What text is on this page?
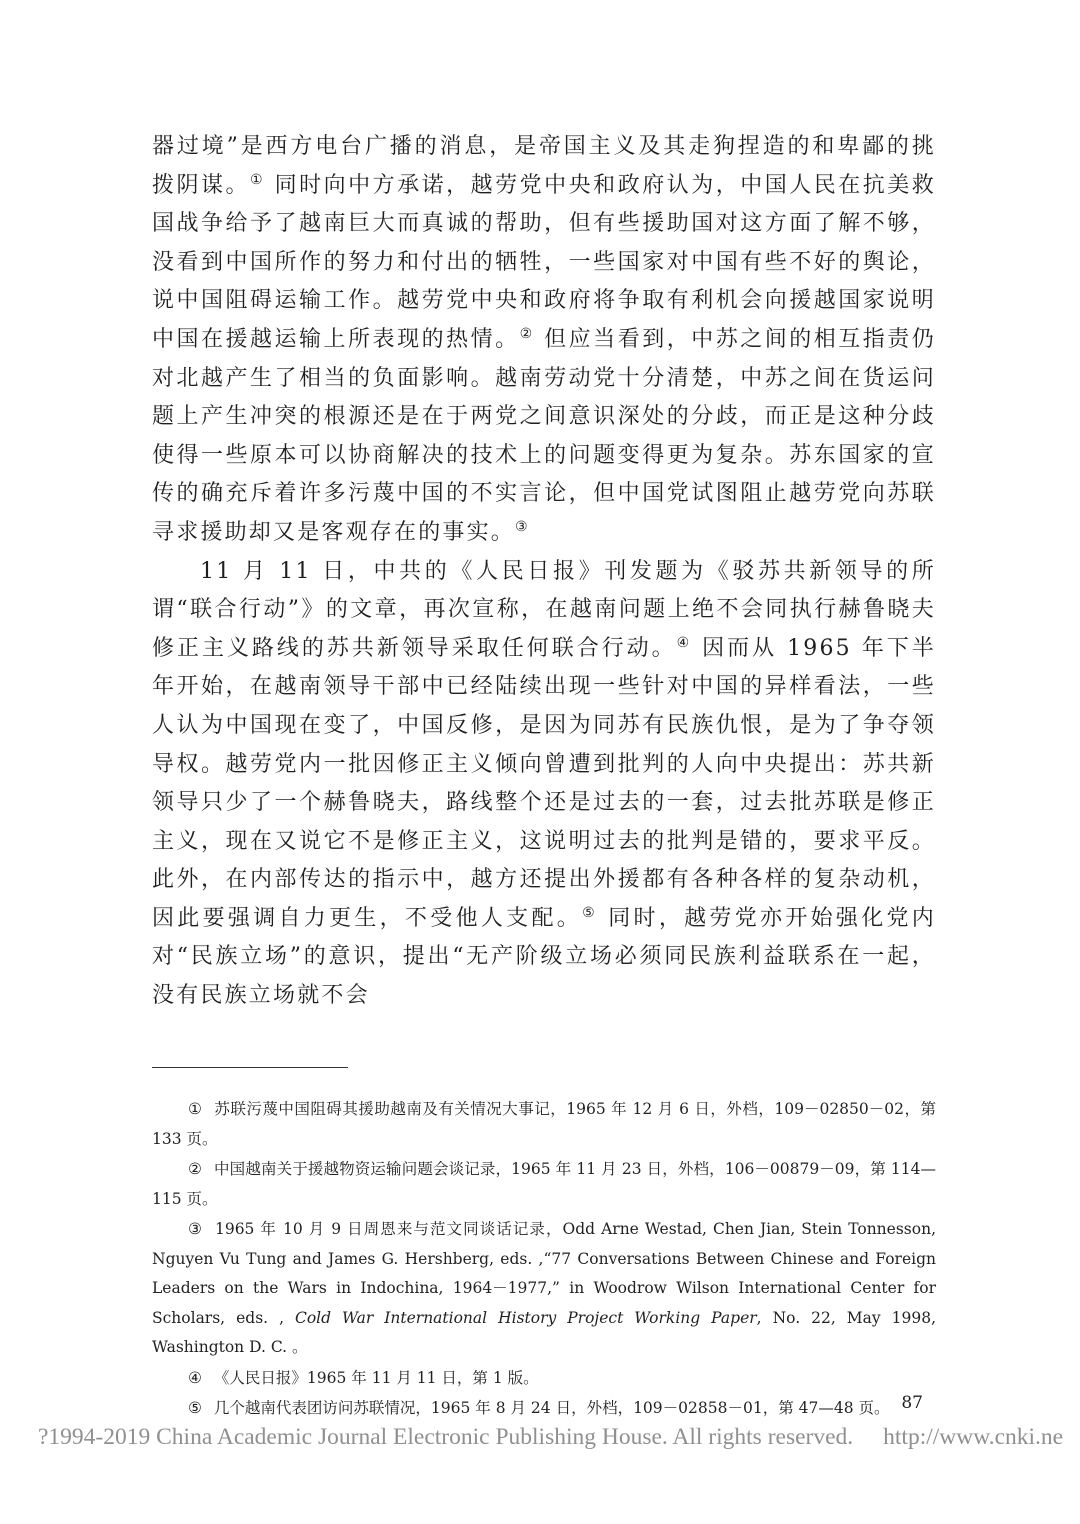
器过境”是西方电台广播的消息，是帝国主义及其走狗捏造的和卑鄙的挑拨阴谋。① 同时向中方承诺，越劳党中央和政府认为，中国人民在抗美救国战争给予了越南巨大而真诚的帮助，但有些援助国对这方面了解不够，没看到中国所作的努力和付出的牺牲，一些国家对中国有些不好的舆论，说中国阻碍运输工作。越劳党中央和政府将争取有利机会向援越国家说明中国在援越运输上所表现的热情。② 但应当看到，中苏之间的相互指责仍对北越产生了相当的负面影响。越南劳动党十分清楚，中苏之间在货运问题上产生冲突的根源还是在于两党之间意识深处的分歧，而正是这种分歧使得一些原本可以协商解决的技术上的问题变得更为复杂。苏东国家的宣传的确充斥着许多污蔑中国的不实言论，但中国党试图阻止越劳党向苏联寻求援助却又是客观存在的事实。③

11 月 11 日，中共的《人民日报》刊发题为《驳苏共新领导的所谓“联合行动”》的文章，再次宣称，在越南问题上绝不会同执行赫鲁晓夫修正主义路线的苏共新领导采取任何联合行动。④ 因而从 1965 年下半年开始，在越南领导干部中已经陆续出现一些针对中国的异样看法，一些人认为中国现在变了，中国反修，是因为同苏有民族仇恨，是为了争夺领导权。越劳党内一批因修正主义倾向曾遭到批判的人向中央提出：苏共新领导只少了一个赫鲁晓夫，路线整个还是过去的一套，过去批苏联是修正主义，现在又说它不是修正主义，这说明过去的批判是错的，要求平反。此外，在内部传达的指示中，越方还提出外援都有各种各样的复杂动机，因此要强调自力更生，不受他人支配。⑤ 同时，越劳党亦开始强化党内对“民族立场”的意识，提出“无产阶级立场必须同民族利益联系在一起，没有民族立场就不会

① 苏联污蔑中国阻碍其援助越南及有关情况大事记，1965 年 12 月 6 日，外档，109－02850－02，第 133 页。

② 中国越南关于援越物资运输问题会谈记录，1965 年 11 月 23 日，外档，106－00879－09，第 114—115 页。

③ 1965 年 10 月 9 日周恩来与范文同谈话记录，Odd Arne Westad, Chen Jian, Stein Tonnesson, Nguyen Vu Tung and James G. Hershberg, eds. ,“77 Conversations Between Chinese and Foreign Leaders on the Wars in Indochina, 1964－1977,” in Woodrow Wilson International Center for Scholars, eds. , Cold War International History Project Working Paper, No. 22, May 1998, Washington D. C. 。

④ 《人民日报》1965 年 11 月 11 日，第 1 版。

⑤ 几个越南代表团访问苏联情况，1965 年 8 月 24 日，外档，109－02858－01，第 47—48 页。 87
?1994-2019 China Academic Journal Electronic Publishing House. All rights reserved. http://www.cnki.ne
